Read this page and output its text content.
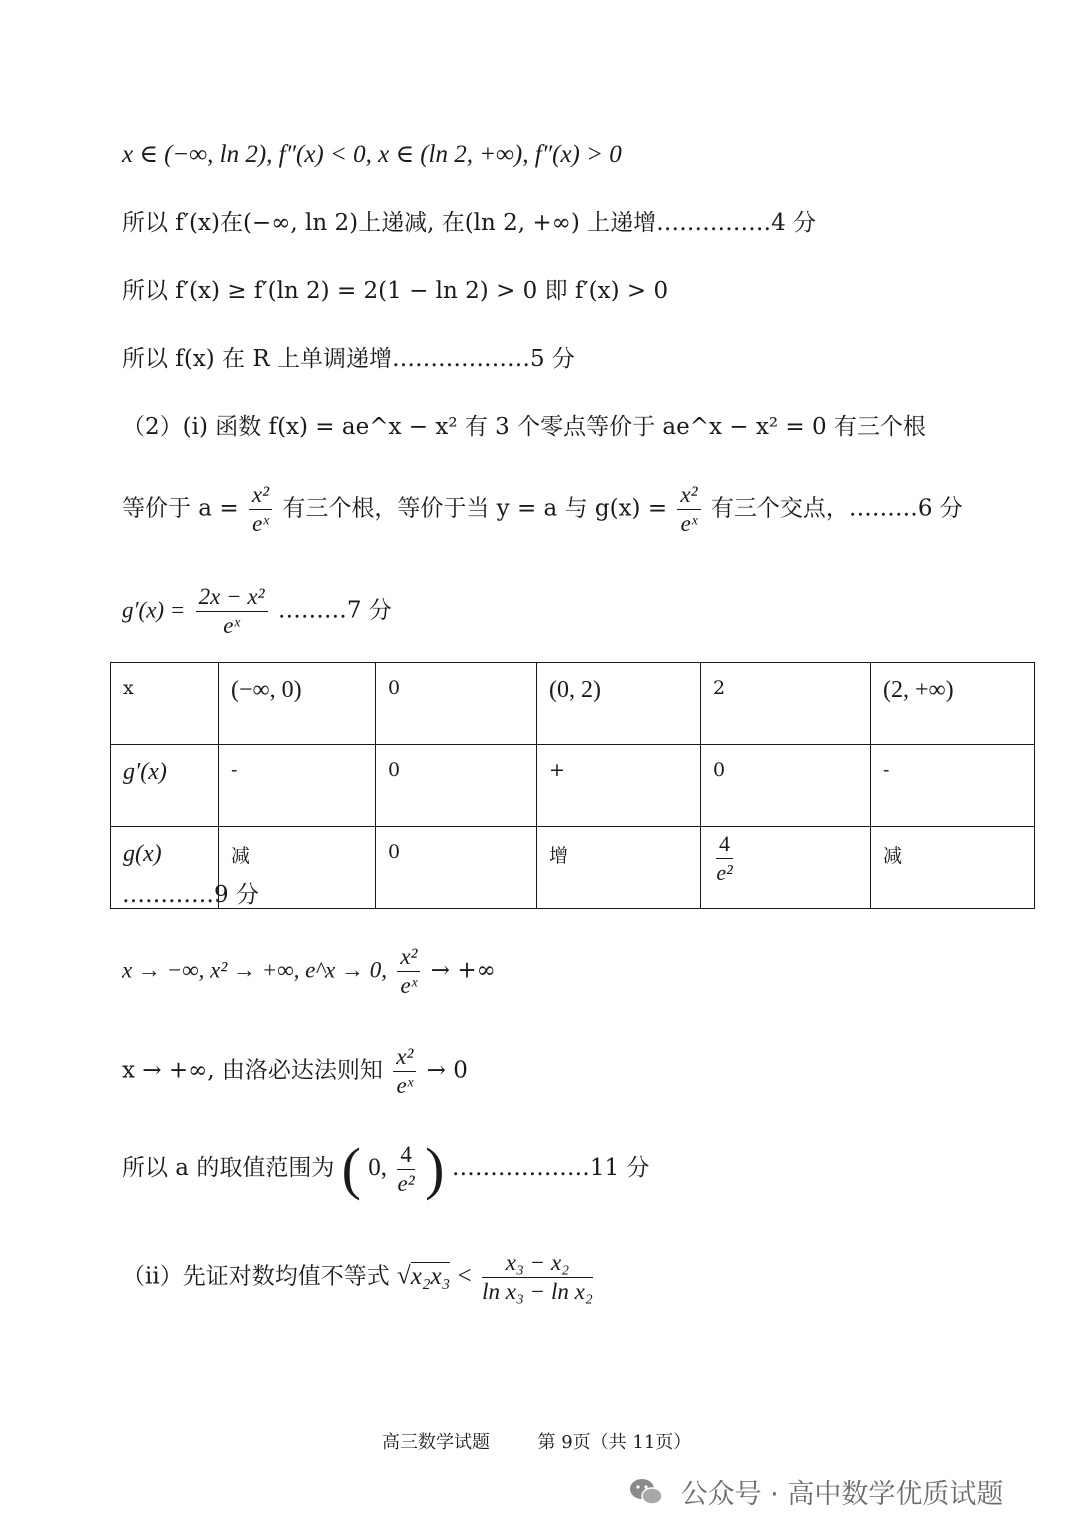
x ∈ (−∞, ln 2), f″(x) < 0, x ∈ (ln 2, +∞), f″(x) > 0
所以 f′(x)在(−∞, ln 2)上递减, 在(ln 2, +∞) 上递增……………4 分
所以 f′(x) ≥ f′(ln 2) = 2(1 − ln 2) > 0 即 f′(x) > 0
所以 f(x) 在 R 上单调递增………………5 分
（2）(i) 函数 f(x) = ae^x − x² 有 3 个零点等价于 ae^x − x² = 0 有三个根
等价于 $a = \frac{\text{x²}}{\text{eˣ}}$ 有三个根，等价于当 y = a 与 $g(x) = \frac{\text{x²}}{\text{eˣ}}$ 有三个交点，………6 分
$g'(x) = \frac{\text{2x − x²}}{\text{eˣ}}$ ………7 分
x	(−∞, 0)	0	(0, 2)	2	(2, +∞)
g′(x)	-	0	+	0	-
g(x)	减	0	增	$\frac{4}{\text{e²}}$	减
…………9 分
x → −∞, x² → +∞, e^x → 0, $\frac{\text{x²}}{\text{eˣ}}$ → +∞
x → +∞, 由洛必达法则知 $\frac{\text{x²}}{\text{eˣ}} \to 0$
所以 a 的取值范围为 ( 0, $\frac{4}{\text{e²}}$ ) ………………11 分
（ii）先证对数均值不等式 $√x_2x_3 < \frac{\text{x₃ − x₂}}{\text{ln x₃ − ln x₂}}$
高三数学试题	第 9页（共 11页）
公众号 · 高中数学优质试题
